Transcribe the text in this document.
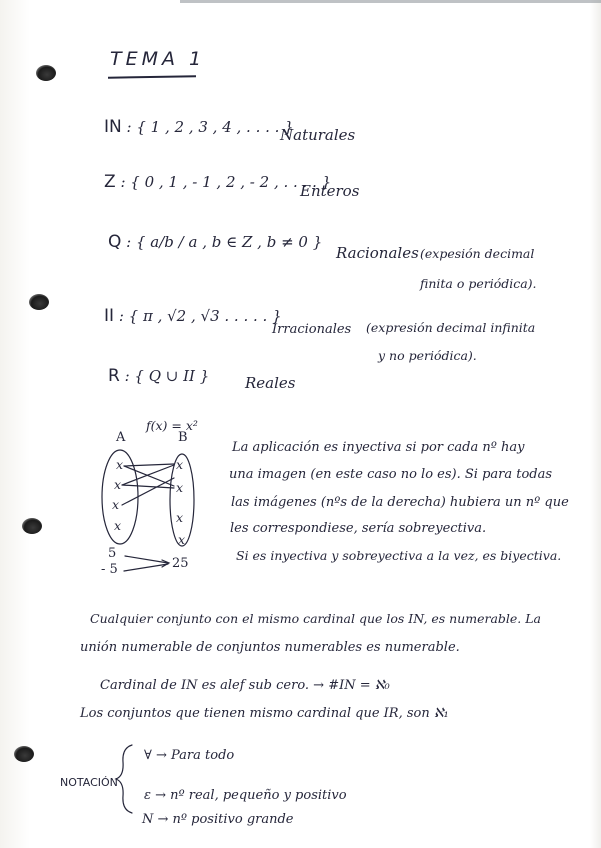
TEMA 1
IN : { 1 , 2 , 3 , 4 , . . . . }
Naturales
Z : { 0 , 1 , - 1 , 2 , - 2 , . . . . }
Enteros
Q : { a/b / a , b ∈ Z , b ≠ 0 }
Racionales (expesión decimal
finita o periódica).
II : { π , √2 , √3 . . . . . }
Irracionales (expresión decimal infinita
y no periódica).
R : { Q ∪ II } Reales
f(x) = x²
A	B
x
x
x
x
x
x
x
x
5
- 5	25
La aplicación es inyectiva si por cada nº hay
una imagen (en este caso no lo es). Si para todas
las imágenes (nºs de la derecha) hubiera un nº que
les correspondiese, sería sobreyectiva.
Si es inyectiva y sobreyectiva a la vez, es biyectiva.
Cualquier conjunto con el mismo cardinal que los IN, es numerable. La
unión numerable de conjuntos numerables es numerable.
Cardinal de IN es alef sub cero. → #IN = ℵ₀
Los conjuntos que tienen mismo cardinal que IR, son ℵ₁
NOTACIÓN
∀ → Para todo
ε → nº real, pequeño y positivo
N → nº positivo grande
